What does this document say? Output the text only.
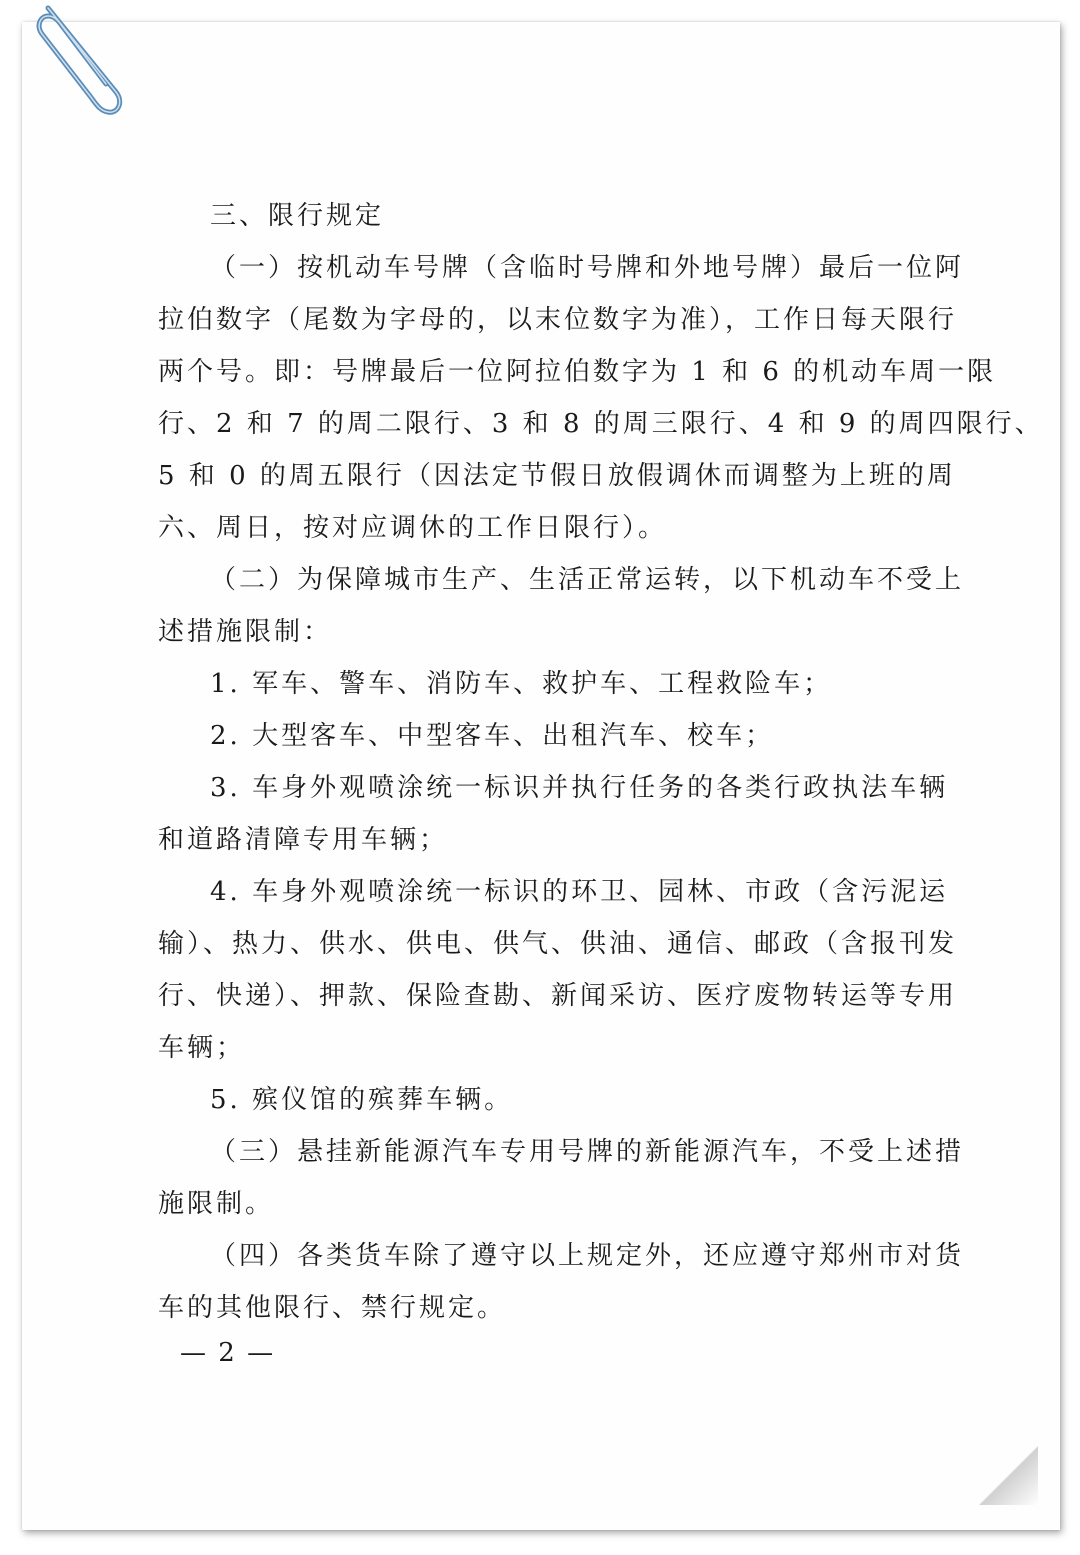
三、限行规定
（一）按机动车号牌（含临时号牌和外地号牌）最后一位阿
拉伯数字（尾数为字母的，以末位数字为准），工作日每天限行
两个号。即：号牌最后一位阿拉伯数字为 1 和 6 的机动车周一限
行、2 和 7 的周二限行、3 和 8 的周三限行、4 和 9 的周四限行、
5 和 0 的周五限行（因法定节假日放假调休而调整为上班的周
六、周日，按对应调休的工作日限行）。
（二）为保障城市生产、生活正常运转，以下机动车不受上
述措施限制：
1. 军车、警车、消防车、救护车、工程救险车；
2. 大型客车、中型客车、出租汽车、校车；
3. 车身外观喷涂统一标识并执行任务的各类行政执法车辆
和道路清障专用车辆；
4. 车身外观喷涂统一标识的环卫、园林、市政（含污泥运
输）、热力、供水、供电、供气、供油、通信、邮政（含报刊发
行、快递）、押款、保险查勘、新闻采访、医疗废物转运等专用
车辆；
5. 殡仪馆的殡葬车辆。
（三）悬挂新能源汽车专用号牌的新能源汽车，不受上述措
施限制。
（四）各类货车除了遵守以上规定外，还应遵守郑州市对货
车的其他限行、禁行规定。
— 2 —
